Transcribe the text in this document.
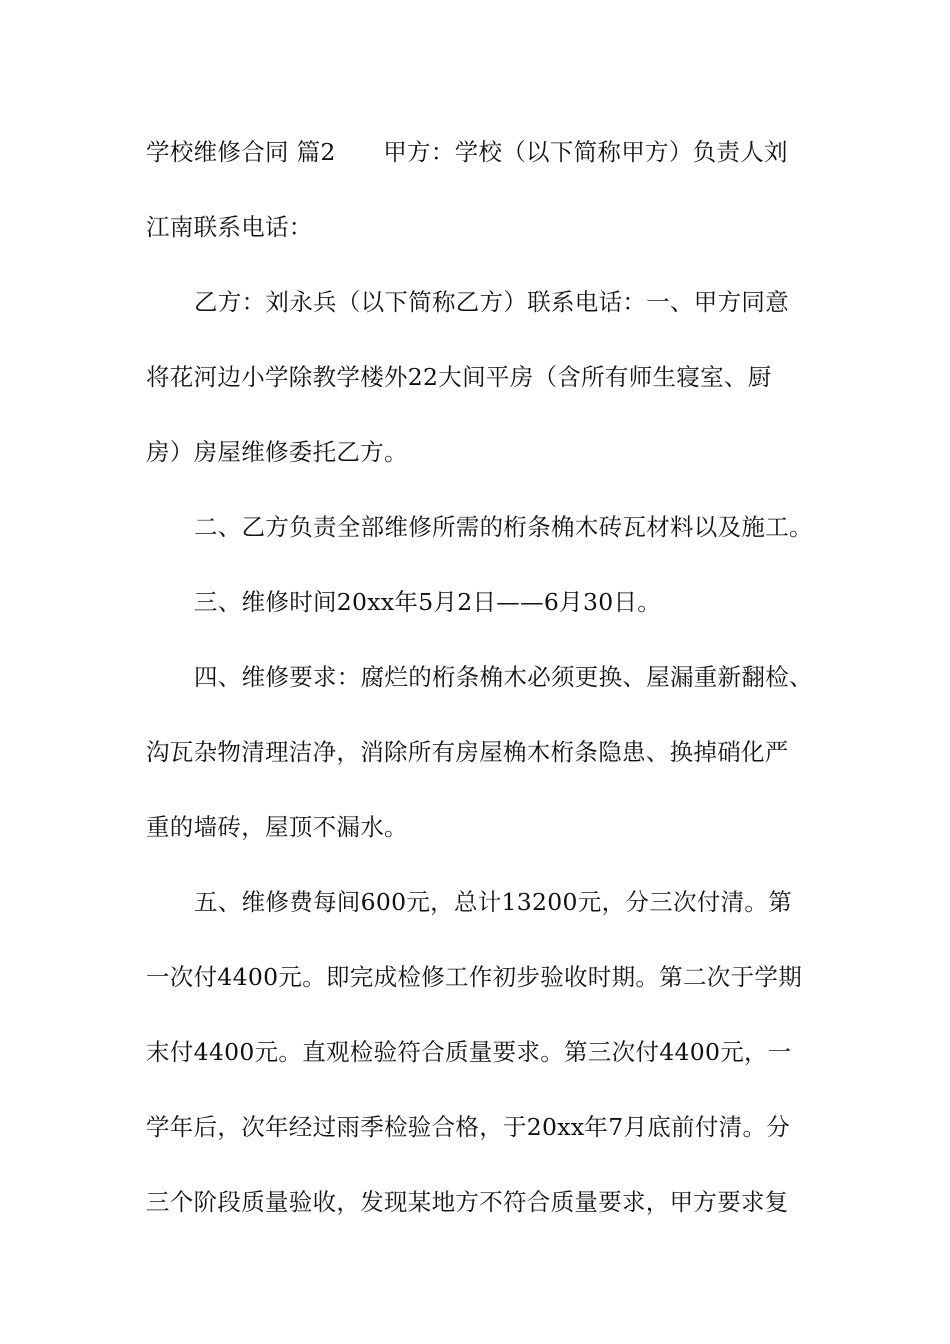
学校维修合同 篇2　　甲方：学校（以下简称甲方）负责人刘
江南联系电话：
乙方：刘永兵（以下简称乙方）联系电话：一、甲方同意
将花河边小学除教学楼外22大间平房（含所有师生寝室、厨
房）房屋维修委托乙方。
二、乙方负责全部维修所需的桁条桷木砖瓦材料以及施工。
三、维修时间20xx年5月2日——6月30日。
四、维修要求：腐烂的桁条桷木必须更换、屋漏重新翻检、
沟瓦杂物清理洁净，消除所有房屋桷木桁条隐患、换掉硝化严
重的墙砖，屋顶不漏水。
五、维修费每间600元，总计13200元，分三次付清。第
一次付4400元。即完成检修工作初步验收时期。第二次于学期
末付4400元。直观检验符合质量要求。第三次付4400元，一
学年后，次年经过雨季检验合格，于20xx年7月底前付清。分
三个阶段质量验收，发现某地方不符合质量要求，甲方要求复
